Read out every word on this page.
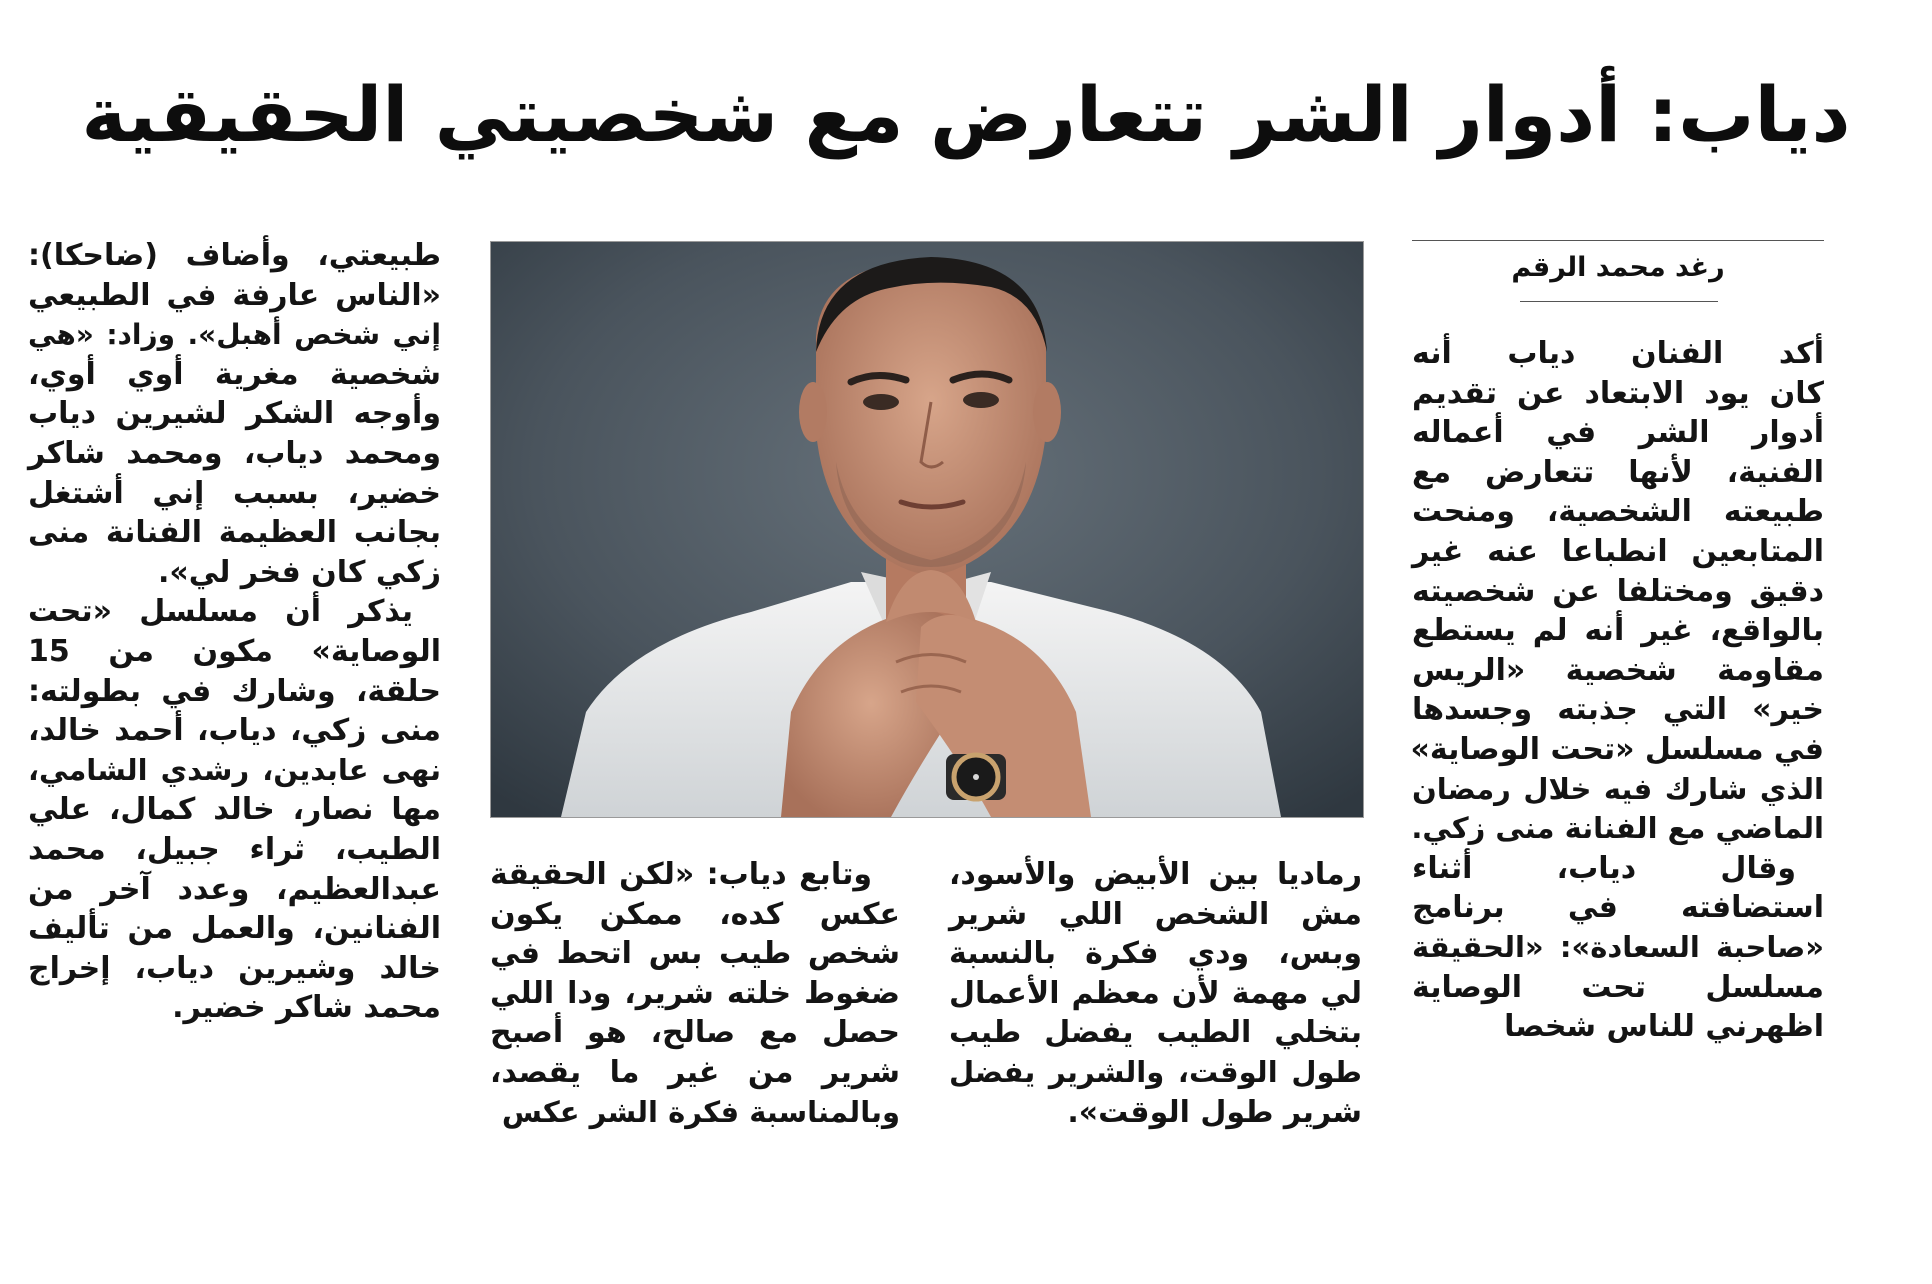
دياب: أدوار الشر تتعارض مع شخصيتي الحقيقية
رغد محمد الرقم
أكد الفنان دياب أنه
كان يود الابتعاد عن تقديم
أدوار الشر في أعماله
الفنية، لأنها تتعارض مع
طبيعته الشخصية، ومنحت
المتابعين انطباعا عنه غير
دقيق ومختلفا عن شخصيته
بالواقع، غير أنه لم يستطع
مقاومة شخصية «الريس
خير» التي جذبته وجسدها
في مسلسل «تحت الوصاية»
الذي شارك فيه خلال رمضان
الماضي مع الفنانة منى زكي.
وقال دياب، أثناء
استضافته في برنامج
«صاحبة السعادة»: «الحقيقة
مسلسل تحت الوصاية
اظهرني للناس شخصا
رماديا بين الأبيض والأسود،
مش الشخص اللي شرير
وبس، ودي فكرة بالنسبة
لي مهمة لأن معظم الأعمال
بتخلي الطيب يفضل طيب
طول الوقت، والشرير يفضل
شرير طول الوقت».
وتابع دياب: «لكن الحقيقة
عكس كده، ممكن يكون
شخص طيب بس اتحط في
ضغوط خلته شرير، ودا اللي
حصل مع صالح، هو أصبح
شرير من غير ما يقصد،
وبالمناسبة فكرة الشر عكس
طبيعتي، وأضاف (ضاحكا):
«الناس عارفة في الطبيعي
إني شخص أهبل». وزاد: «هي
شخصية مغرية أوي أوي،
وأوجه الشكر لشيرين دياب
ومحمد دياب، ومحمد شاكر
خضير، بسبب إني أشتغل
بجانب العظيمة الفنانة منى
زكي كان فخر لي».
يذكر أن مسلسل «تحت
الوصاية» مكون من 15
حلقة، وشارك في بطولته:
منى زكي، دياب، أحمد خالد،
نهى عابدين، رشدي الشامي،
مها نصار، خالد كمال، علي
الطيب، ثراء جبيل، محمد
عبدالعظيم، وعدد آخر من
الفنانين، والعمل من تأليف
خالد وشيرين دياب، إخراج
محمد شاكر خضير.
